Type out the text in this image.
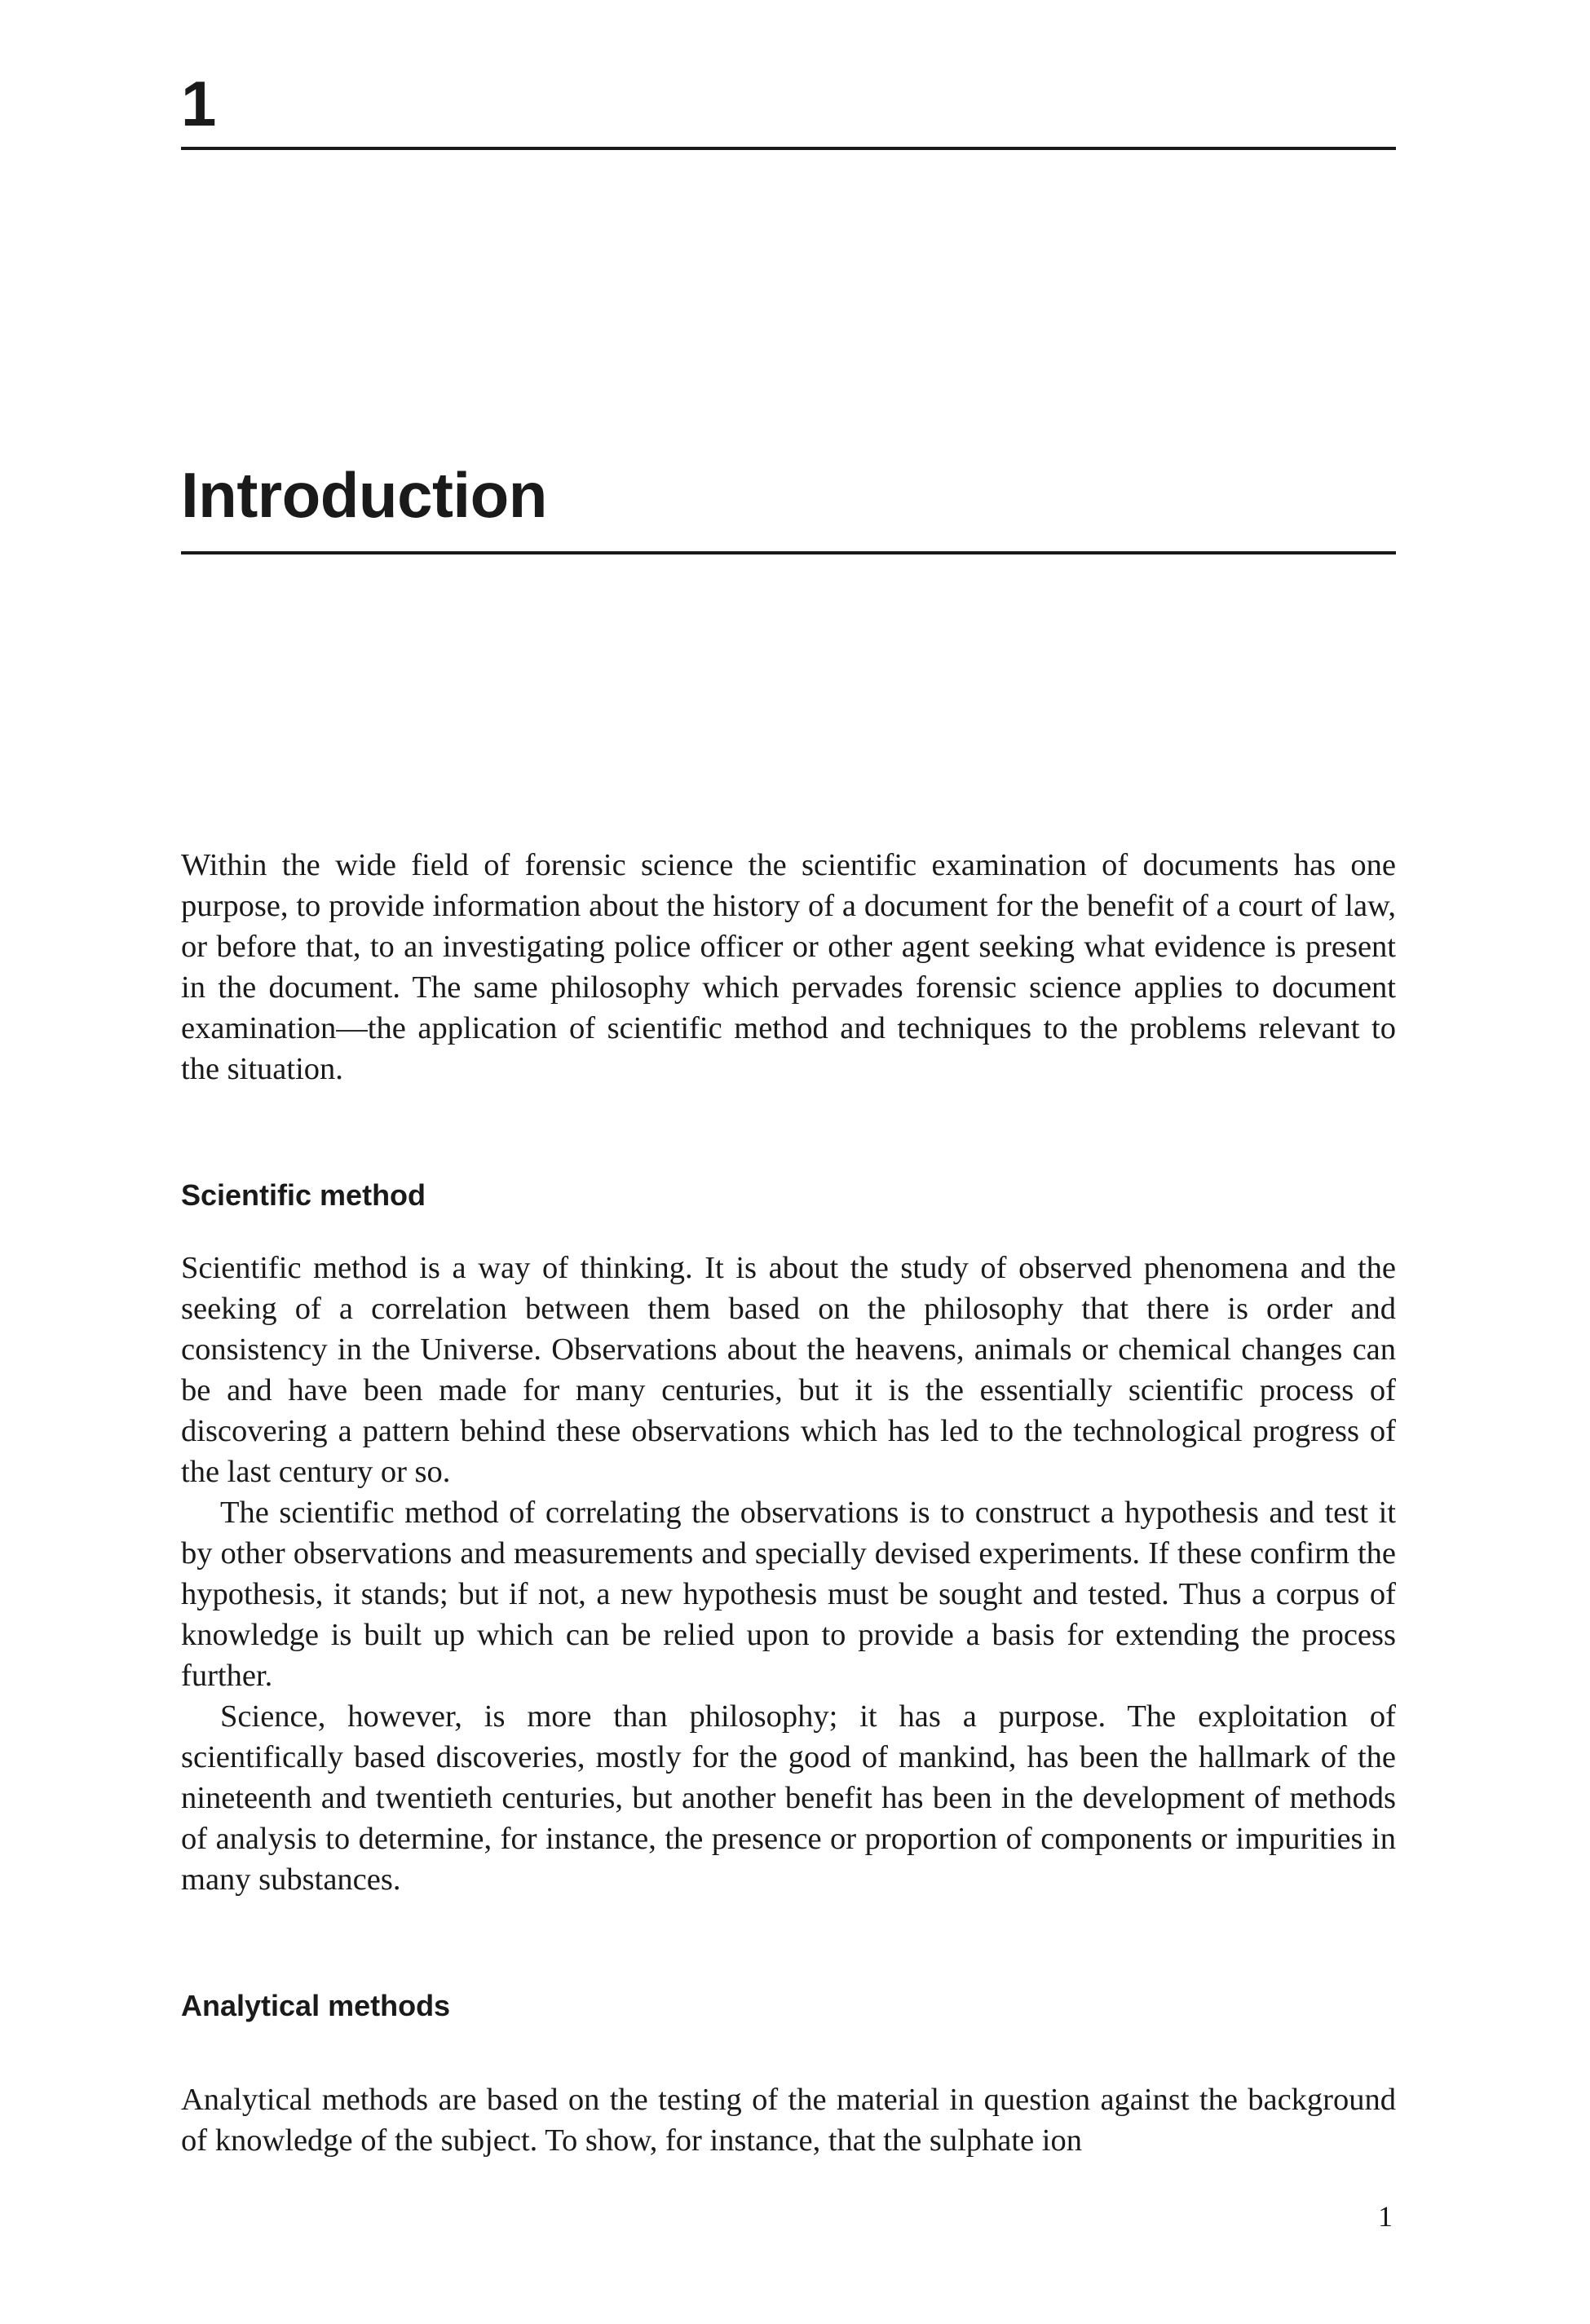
1
Introduction

Within the wide field of forensic science the scientific examination of documents has one purpose, to provide information about the history of a document for the benefit of a court of law, or before that, to an investigating police officer or other agent seeking what evidence is present in the document. The same philosophy which pervades forensic science applies to document examination—the application of scientific method and techniques to the problems relevant to the situation.

Scientific method

Scientific method is a way of thinking. It is about the study of observed phenomena and the seeking of a correlation between them based on the philosophy that there is order and consistency in the Universe. Observations about the heavens, animals or chemical changes can be and have been made for many centuries, but it is the essentially scientific process of discovering a pattern behind these observations which has led to the technological progress of the last century or so.

The scientific method of correlating the observations is to construct a hypothesis and test it by other observations and measurements and specially devised experiments. If these confirm the hypothesis, it stands; but if not, a new hypothesis must be sought and tested. Thus a corpus of knowledge is built up which can be relied upon to provide a basis for extending the process further.

Science, however, is more than philosophy; it has a purpose. The exploitation of scientifically based discoveries, mostly for the good of mankind, has been the hallmark of the nineteenth and twentieth centuries, but another benefit has been in the development of methods of analysis to determine, for instance, the presence or proportion of components or impurities in many substances.

Analytical methods

Analytical methods are based on the testing of the material in question against the background of knowledge of the subject. To show, for instance, that the sulphate ion

1
